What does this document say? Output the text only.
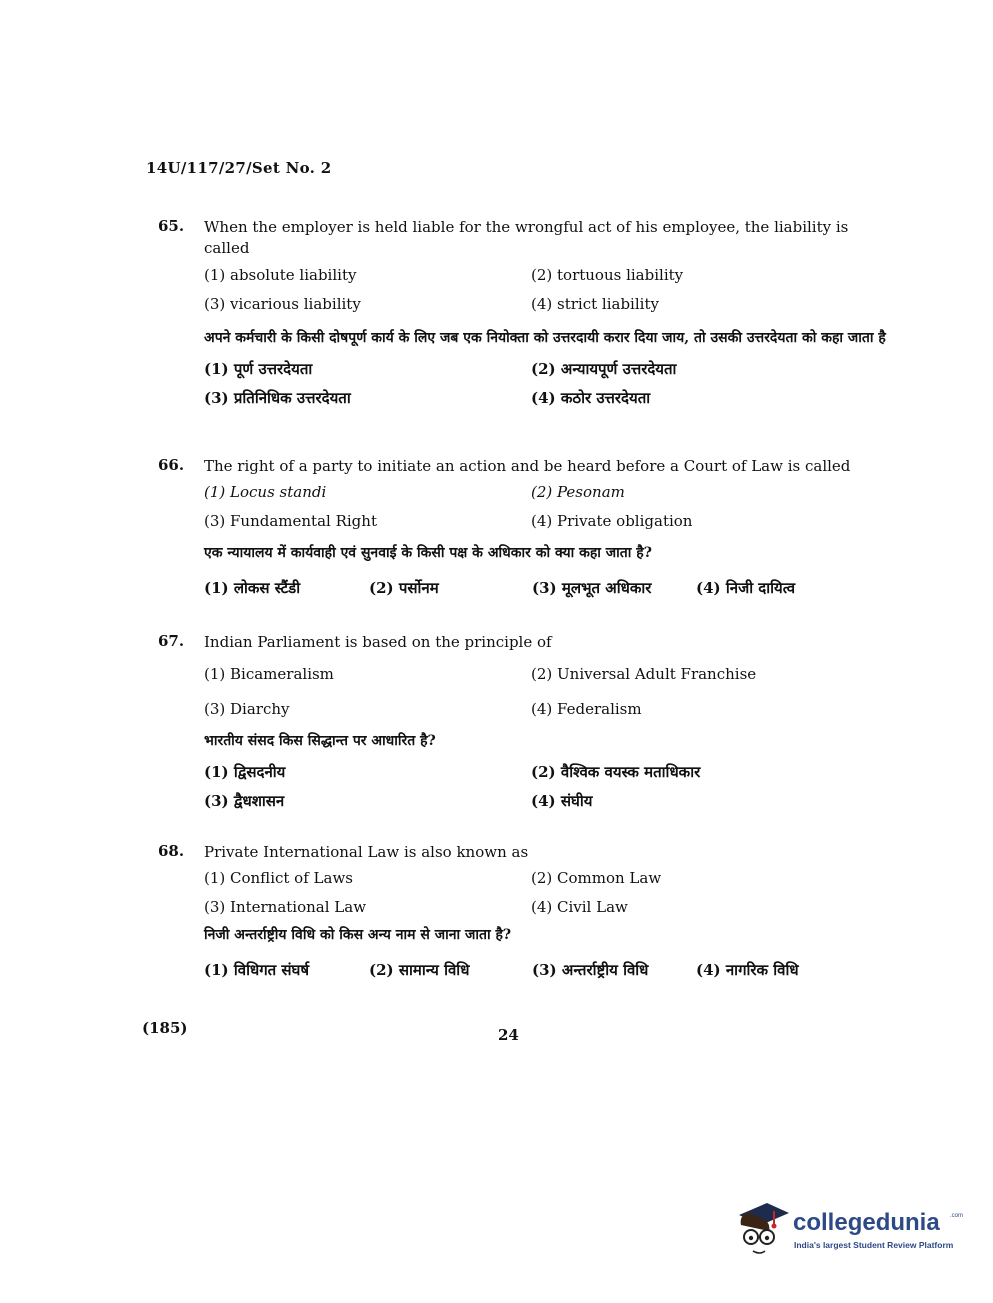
14U/117/27/Set No. 2
65. When the employer is held liable for the wrongful act of his employee, the liability is called
(1) absolute liability	(2) tortuous liability
(3) vicarious liability	(4) strict liability
अपने कर्मचारी के किसी दोषपूर्ण कार्य के लिए जब एक नियोक्ता को उत्तरदायी करार दिया जाय, तो उसकी उत्तरदेयता को कहा जाता है
(1) पूर्ण उत्तरदेयता	(2) अन्यायपूर्ण उत्तरदेयता
(3) प्रतिनिधिक उत्तरदेयता	(4) कठोर उत्तरदेयता
66. The right of a party to initiate an action and be heard before a Court of Law is called
(1) Locus standi	(2) Pesonam
(3) Fundamental Right	(4) Private obligation
एक न्यायालय में कार्यवाही एवं सुनवाई के किसी पक्ष के अधिकार को क्या कहा जाता है?
(1) लोकस स्टैंडी	(2) पर्सोनम	(3) मूलभूत अधिकार	(4) निजी दायित्व
67. Indian Parliament is based on the principle of
(1) Bicameralism	(2) Universal Adult Franchise
(3) Diarchy	(4) Federalism
भारतीय संसद किस सिद्धान्त पर आधारित है?
(1) द्विसदनीय	(2) वैश्विक वयस्क मताधिकार
(3) द्वैधशासन	(4) संघीय
68. Private International Law is also known as
(1) Conflict of Laws	(2) Common Law
(3) International Law	(4) Civil Law
निजी अन्तर्राष्ट्रीय विधि को किस अन्य नाम से जाना जाता है?
(1) विधिगत संघर्ष	(2) सामान्य विधि	(3) अन्तर्राष्ट्रीय विधि	(4) नागरिक विधि
(185)	24
collegedunia .com
India's largest Student Review Platform
